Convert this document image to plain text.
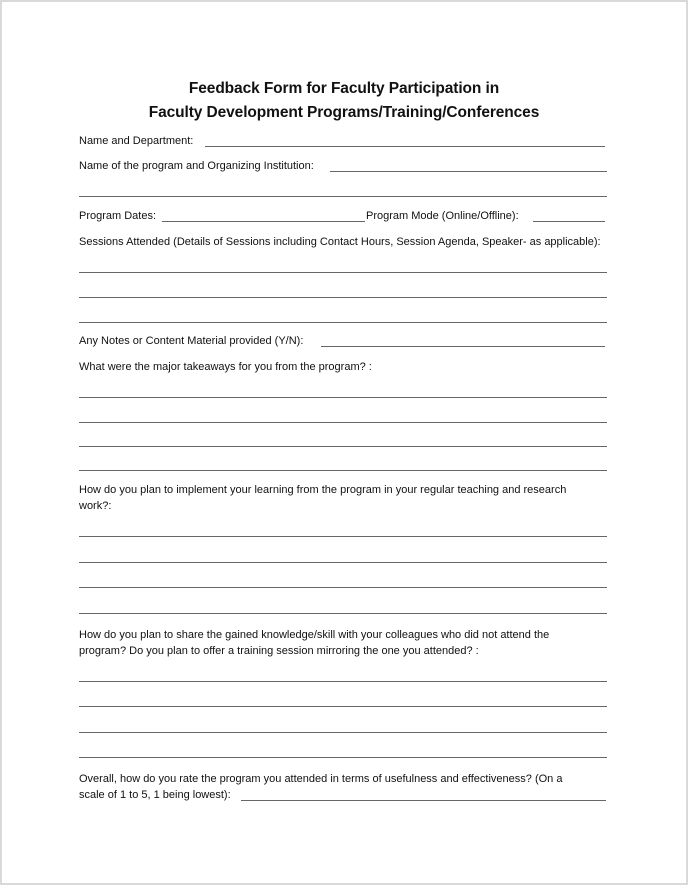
Feedback Form for Faculty Participation in
Faculty Development Programs/Training/Conferences
Name and Department:
Name of the program and Organizing Institution:
Program Dates:	Program Mode (Online/Offline):
Sessions Attended (Details of Sessions including Contact Hours, Session Agenda, Speaker- as applicable):
Any Notes or Content Material provided (Y/N):
What were the major takeaways for you from the program? :
How do you plan to implement your learning from the program in your regular teaching and research
work?:
How do you plan to share the gained knowledge/skill with your colleagues who did not attend the
program? Do you plan to offer a training session mirroring the one you attended? :
Overall, how do you rate the program you attended in terms of usefulness and effectiveness? (On a
scale of 1 to 5, 1 being lowest):
